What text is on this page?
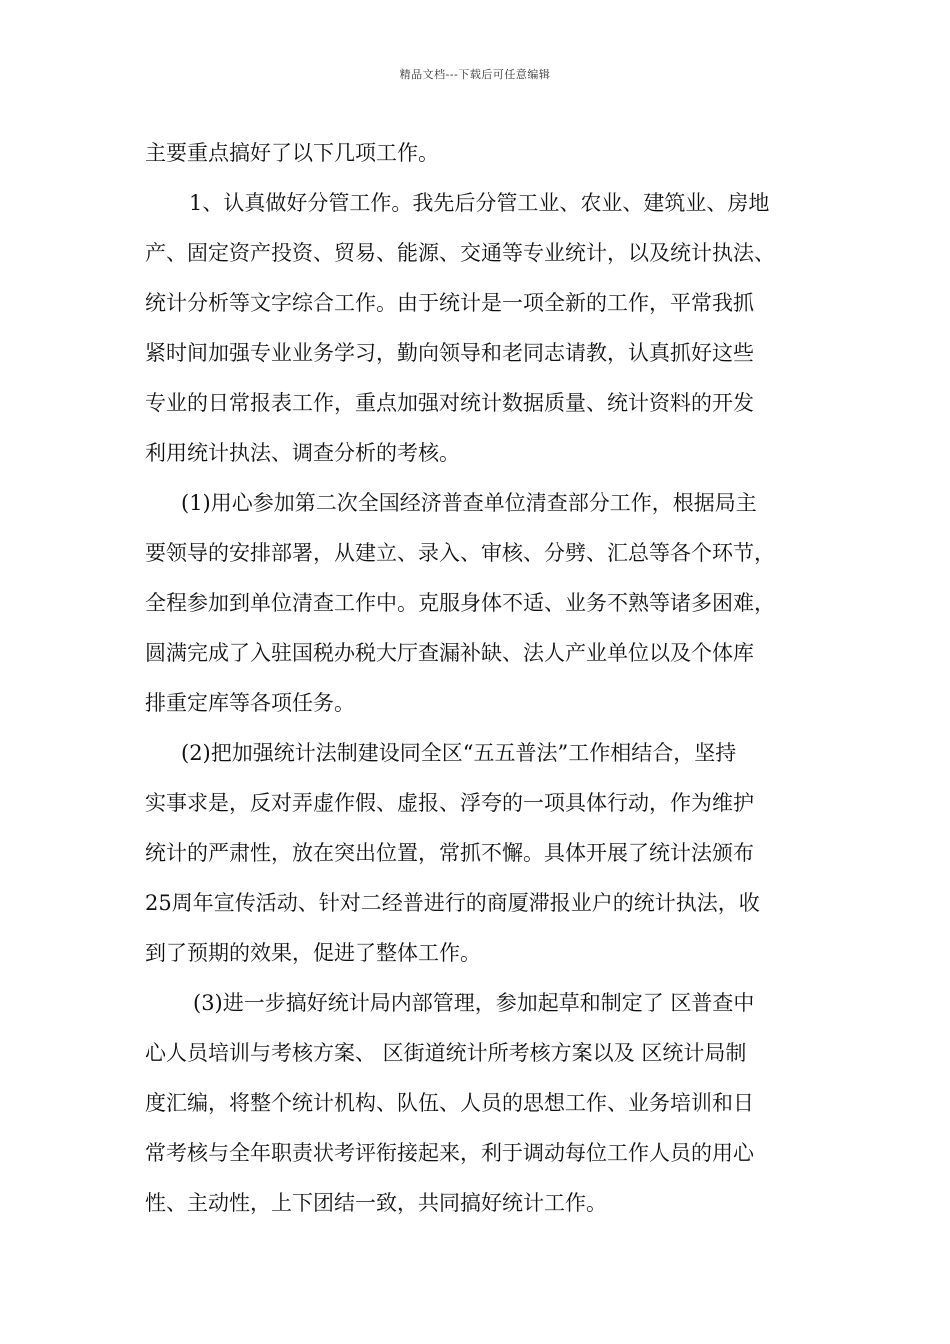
精品文档---下载后可任意编辑
主要重点搞好了以下几项工作。
1、认真做好分管工作。我先后分管工业、农业、建筑业、房地
产、固定资产投资、贸易、能源、交通等专业统计，以及统计执法、
统计分析等文字综合工作。由于统计是一项全新的工作，平常我抓
紧时间加强专业业务学习，勤向领导和老同志请教，认真抓好这些
专业的日常报表工作，重点加强对统计数据质量、统计资料的开发
利用统计执法、调查分析的考核。
(1)用心参加第二次全国经济普查单位清查部分工作，根据局主
要领导的安排部署，从建立、录入、审核、分劈、汇总等各个环节，
全程参加到单位清查工作中。克服身体不适、业务不熟等诸多困难，
圆满完成了入驻国税办税大厅查漏补缺、法人产业单位以及个体库
排重定库等各项任务。
(2)把加强统计法制建设同全区“五五普法”工作相结合，坚持
实事求是，反对弄虚作假、虚报、浮夸的一项具体行动，作为维护
统计的严肃性，放在突出位置，常抓不懈。具体开展了统计法颁布
25周年宣传活动、针对二经普进行的商厦滞报业户的统计执法，收
到了预期的效果，促进了整体工作。
(3)进一步搞好统计局内部管理，参加起草和制定了 区普查中
心人员培训与考核方案、 区街道统计所考核方案以及 区统计局制
度汇编，将整个统计机构、队伍、人员的思想工作、业务培训和日
常考核与全年职责状考评衔接起来，利于调动每位工作人员的用心
性、主动性，上下团结一致，共同搞好统计工作。
